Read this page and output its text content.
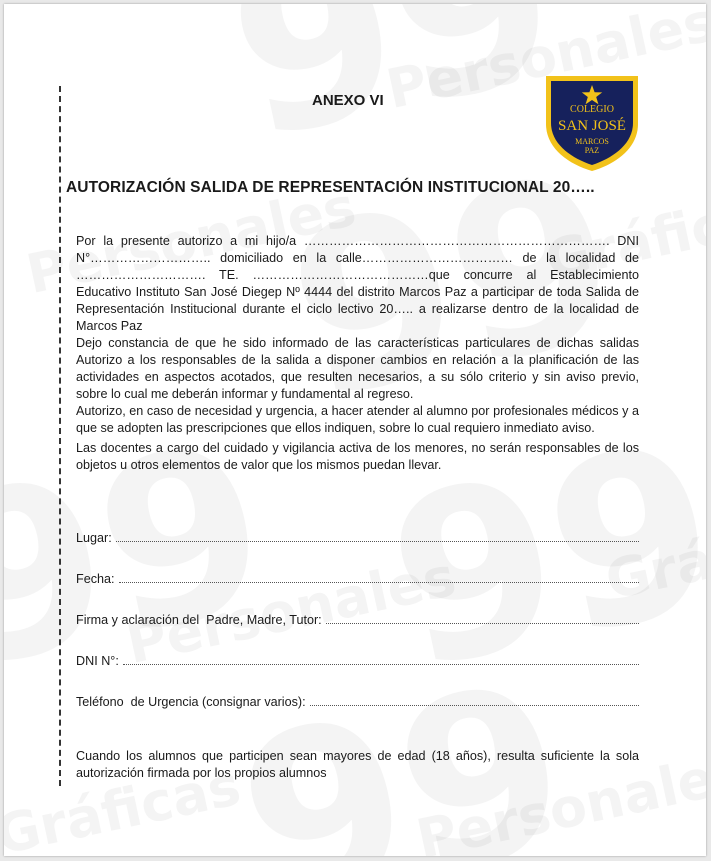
ANEXO VI
COLEGIO
SAN JOSÉ
MARCOS
PAZ
AUTORIZACIÓN SALIDA DE REPRESENTACIÓN INSTITUCIONAL 20…..

Por la presente autorizo a mi hijo/a ………………………………………………………………. DNI N°……………………….. domiciliado en la calle……………………………… de la localidad de …………………………. TE. ……………………………………que concurre al Establecimiento Educativo Instituto San José Diegep Nº 4444 del distrito Marcos Paz a participar de toda Salida de Representación Institucional durante el ciclo lectivo 20….. a realizarse dentro de la localidad de Marcos Paz

Dejo constancia de que he sido informado de las características particulares de dichas salidas Autorizo a los responsables de la salida a disponer cambios en relación a la planificación de las actividades en aspectos acotados, que resulten necesarios, a su sólo criterio y sin aviso previo, sobre lo cual me deberán informar y fundamental al regreso.

Autorizo, en caso de necesidad y urgencia, a hacer atender al alumno por profesionales médicos y a que se adopten las prescripciones que ellos indiquen, sobre lo cual requiero inmediato aviso.

Las docentes a cargo del cuidado y vigilancia activa de los menores, no serán responsables de los objetos u otros elementos de valor que los mismos puedan llevar.

Lugar:
Fecha:
Firma y aclaración del  Padre, Madre, Tutor:
DNI N°:
Teléfono  de Urgencia (consignar varios):
Cuando los alumnos que participen sean mayores de edad (18 años), resulta suficiente la sola autorización firmada por los propios alumnos
